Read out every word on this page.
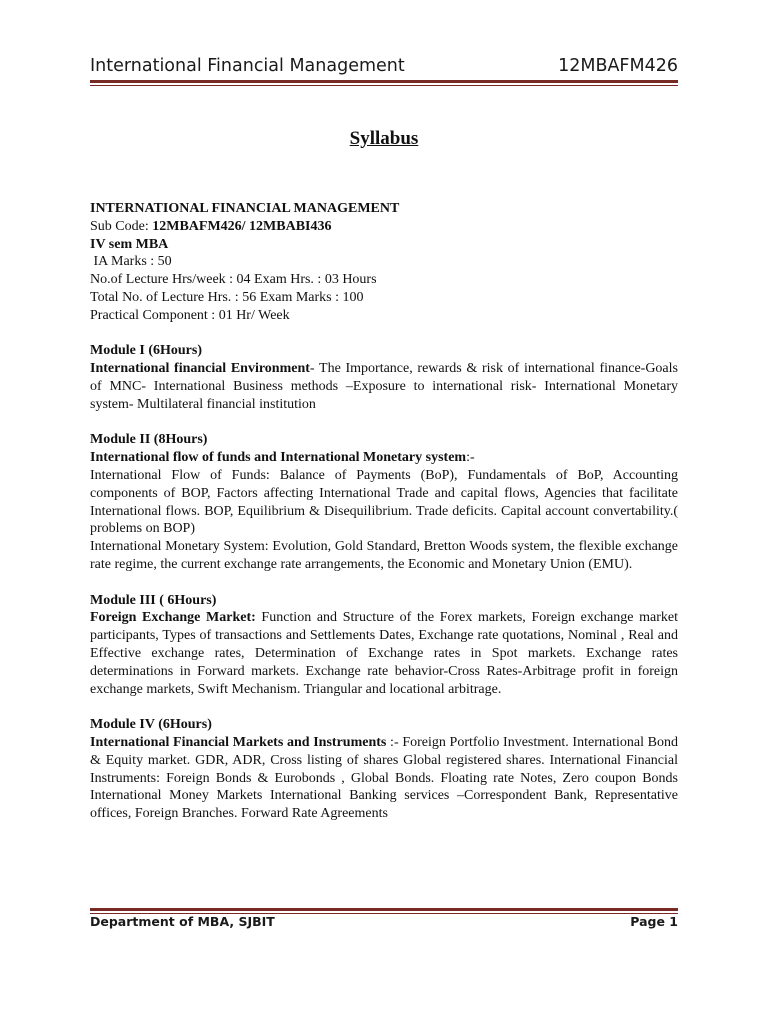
International Financial Management	12MBAFM426
Syllabus
INTERNATIONAL FINANCIAL MANAGEMENT
Sub Code: 12MBAFM426/ 12MBABI436
IV sem MBA
IA Marks : 50
No.of Lecture Hrs/week : 04 Exam Hrs. : 03 Hours
Total No. of Lecture Hrs. : 56 Exam Marks : 100
Practical Component : 01 Hr/ Week
Module I (6Hours)
International financial Environment- The Importance, rewards & risk of international finance-Goals of MNC- International Business methods –Exposure to international risk- International Monetary system- Multilateral financial institution
Module II (8Hours)
International flow of funds and International Monetary system:-
International Flow of Funds: Balance of Payments (BoP), Fundamentals of BoP, Accounting components of BOP, Factors affecting International Trade and capital flows, Agencies that facilitate International flows. BOP, Equilibrium & Disequilibrium. Trade deficits. Capital account convertability.( problems on BOP)
International Monetary System: Evolution, Gold Standard, Bretton Woods system, the flexible exchange rate regime, the current exchange rate arrangements, the Economic and Monetary Union (EMU).
Module III ( 6Hours)
Foreign Exchange Market: Function and Structure of the Forex markets, Foreign exchange market participants, Types of transactions and Settlements Dates, Exchange rate quotations, Nominal , Real and Effective exchange rates, Determination of Exchange rates in Spot markets. Exchange rates determinations in Forward markets. Exchange rate behavior-Cross Rates-Arbitrage profit in foreign exchange markets, Swift Mechanism. Triangular and locational arbitrage.
Module IV (6Hours)
International Financial Markets and Instruments :- Foreign Portfolio Investment. International Bond & Equity market. GDR, ADR, Cross listing of shares Global registered shares. International Financial Instruments: Foreign Bonds & Eurobonds , Global Bonds. Floating rate Notes, Zero coupon Bonds International Money Markets International Banking services –Correspondent Bank, Representative offices, Foreign Branches. Forward Rate Agreements
Department of MBA, SJBIT	Page 1
